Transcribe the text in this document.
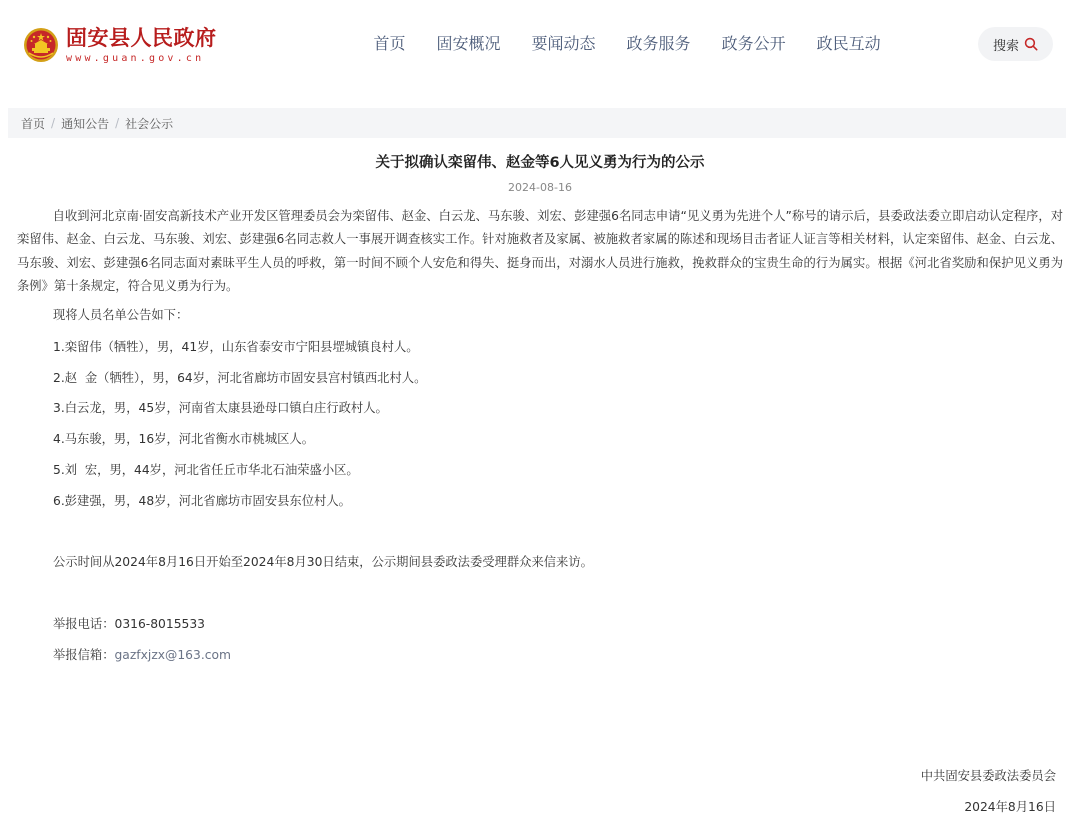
固安县人民政府
www.guan.gov.cn
首页	固安概况	要闻动态	政务服务	政务公开	政民互动	搜索
首页 / 通知公告 / 社会公示
关于拟确认栾留伟、赵金等6人见义勇为行为的公示
2024-08-16

自收到河北京南·固安高新技术产业开发区管理委员会为栾留伟、赵金、白云龙、马东骏、刘宏、彭建强6名同志申请“见义勇为先进个人”称号的请示后，县委政法委立即启动认定程序，对栾留伟、赵金、白云龙、马东骏、刘宏、彭建强6名同志救人一事展开调查核实工作。针对施救者及家属、被施救者家属的陈述和现场目击者证人证言等相关材料，认定栾留伟、赵金、白云龙、马东骏、刘宏、彭建强6名同志面对素昧平生人员的呼救，第一时间不顾个人安危和得失、挺身而出，对溺水人员进行施救，挽救群众的宝贵生命的行为属实。根据《河北省奖励和保护见义勇为条例》第十条规定，符合见义勇为行为。

现将人员名单公告如下：
1.栾留伟（牺牲），男，41岁，山东省泰安市宁阳县堽城镇良村人。
2.赵  金（牺牲），男，64岁，河北省廊坊市固安县宫村镇西北村人。
3.白云龙，男，45岁，河南省太康县逊母口镇白庄行政村人。
4.马东骏，男，16岁，河北省衡水市桃城区人。
5.刘  宏，男，44岁，河北省任丘市华北石油荣盛小区。
6.彭建强，男，48岁，河北省廊坊市固安县东位村人。
公示时间从2024年8月16日开始至2024年8月30日结束，公示期间县委政法委受理群众来信来访。
举报电话：0316-8015533
举报信箱：gazfxjzx@163.com
中共固安县委政法委员会
2024年8月16日
